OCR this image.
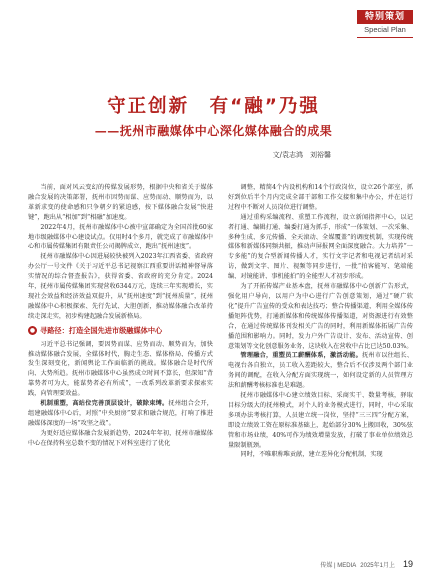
特别策划
Special Plan
守正创新　有“融”乃强
——抚州市融媒体中心深化媒体融合的成果
文/袁志鸿　刘裕馨

当前，面对风云变幻的传媒发展形势，根据中央和省关于媒体融合发展的决策部署，抚州市因势而谋、应势而动、顺势而为，以革新求变的使命感和只争朝夕的紧迫感，按下媒体融合发展“快进键”，跑出从“相加”到“相融”加速度。

2022年4月，抚州市融媒体中心被中宣部确定为全国首批60家地市级融媒体中心建设试点。仅用时4个多月，就完成了市融媒体中心和市属传媒集团有限责任公司揭牌成立，跑出“抚州速度”。

抚州市融媒体中心因进展较快被列入2023年江西省委、省政府办公厅一号文件《关于习近平总书记视察江西重要讲话精神督导落实情况的综合督查报告》，获得省委、省政府的充分肯定。2024年，抚州市属传媒集团实现营收6344万元，连续三年实现增长，实现社会效益和经济效益双提升，从“抚州速度”到“抚州质量”，抚州融媒体中心积极探索、先行先试、大胆创新，推动媒体融合改革持续走深走实，初步构建起融合发展新格局。

● 寻路径：打造全国先进市级融媒体中心

习近平总书记强调，要因势而谋、应势而动、顺势而为，加快推动媒体融合发展，全媒体时代，胸走生态、媒体格局、传播方式发生深刻变化，新闻舆论工作面临新的挑战。媒体融合是时代所向、大势所趋。抚州市融媒体中心虽然成立时间不算长，但深知“背靠势者可为大，能谋势者必有所成”，一改系列改革新要求探索实践，向管理要效益。

机制重塑，高站位完善顶层设计，破除束缚。抚州组合会开，组建融媒体中心后，对照“中央厨房”要求和融合规范，打响了推进融媒体深度的一场“攻坚之战”。

为更好适应媒体融合发展新趋势，2024年年初，抚州市融媒体中心在保持科室总数不变的情况下对科室进行了优化

调整，精简4个内设机构和14个行政岗位，设立26个部室，抓好到位后半个月内完成全部干部和工作交接和集中办公，并在运行过程中不断对人员岗位进行调整。

通过重构采编流程、重塑工作流程，设立新闻指挥中心，以记者打通、编辑打通、编委打通为抓手，形成“一体策划、一次采集、多种生成、多元传播、全天滚动、全媒覆盖”的调度机制，实现传统媒体和新媒体同频共振，推动声屏报网全面深度融合。大力培养“一专多能”的复合型新闻传播人才，实行文字记者和电视记者结对采访，做到文字、图片、视频等同步进行，一批“拍客能写、笔端能编、对镜能讲、事机能拍”的全能型人才初步形成。

为了开拓传媒产业基本盘，抚州市融媒体中心创新广告形式，强化用户导向，以用户为中心进行广告创意策划，通过“硬广软化”提升广告宣传的受众和表达技巧；整合传播渠道，利用全媒体传播矩阵优势，打通新媒体和传统媒体传播渠道，对资源进行有效整合，在通过传统媒体刊发相关广告的同时，利用新媒体拓展广告传播范围和影响力。同时，发力户外广告设计、发布、活动宣传、创意策划等文化创意服务业务，这块收入在营收中占比已达50.03%。

管理融合，重塑员工薪酬体系，激活动能。抚州市以往组长、电视台各自独立，员工收入差距较大，整合后不仅涉及两个部门业务间的调配，在收入分配方面实现统一，如何设定新的人员管理方法和薪酬考核标准也是难题。

抚州市融媒体中心建立绩效目标、采商实干、数量考核，驿取目标分级大的抚州模式，对个人的业务模式进行，同时，中心采取多项办法考核打算，人员建立统一岗位，坚持“三三四”分配方案，即设立绩效工资在原标准基础上，起始部分30%上搬回收，30%弦管和市场业绩，40%可作为绩效增量发放，打破了事业单位绩效总量限制瓶颈。

同时，不唯职称唯贡献，建立差异化分配机制，实现

传媒 | MEDIA 2025年1月上 19
